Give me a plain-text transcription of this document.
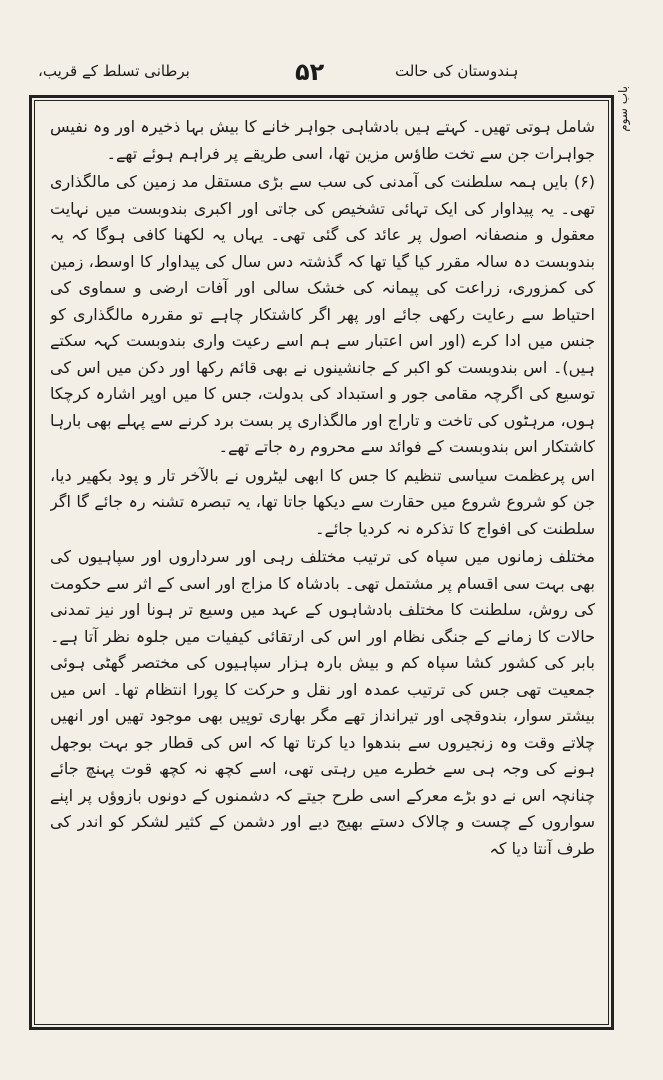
ہندوستان کی حالت
۵۲
برطانی تسلط کے قریب،
باب سوم

شامل ہوتی تھیں۔ کہتے ہیں بادشاہی جواہر خانے کا بیش بہا ذخیرہ اور وہ نفیس جواہرات جن سے تخت طاؤس مزین تھا، اسی طریقے پر فراہم ہوئے تھے۔

(۶) بایں ہمہ سلطنت کی آمدنی کی سب سے بڑی مستقل مد زمین کی مالگذاری تھی۔ یہ پیداوار کی ایک تہائی تشخیص کی جاتی اور اکبری بندوبست میں نہایت معقول و منصفانہ اصول پر عائد کی گئی تھی۔ یہاں یہ لکھنا کافی ہوگا کہ یہ بندوبست دہ سالہ مقرر کیا گیا تھا کہ گذشتہ دس سال کی پیداوار کا اوسط، زمین کی کمزوری، زراعت کی پیمانہ کی خشک سالی اور آفات ارضی و سماوی کی احتیاط سے رعایت رکھی جائے اور پھر اگر کاشتکار چاہے تو مقررہ مالگذاری کو جنس میں ادا کرے (اور اس اعتبار سے ہم اسے رعیت واری بندوبست کہہ سکتے ہیں)۔ اس بندوبست کو اکبر کے جانشینوں نے بھی قائم رکھا اور دکن میں اس کی توسیع کی اگرچہ مقامی جور و استبداد کی بدولت، جس کا میں اوپر اشارہ کرچکا ہوں، مرہٹوں کی تاخت و تاراج اور مالگذاری پر بست برد کرنے سے پہلے بھی بارہا کاشتکار اس بندوبست کے فوائد سے محروم رہ جاتے تھے۔

اس پرعظمت سیاسی تنظیم کا جس کا ابھی لیٹروں نے بالآخر تار و پود بکھیر دیا، جن کو شروع شروع میں حقارت سے دیکھا جاتا تھا، یہ تبصرہ تشنہ رہ جائے گا اگر سلطنت کی افواج کا تذکرہ نہ کردیا جائے۔

مختلف زمانوں میں سپاہ کی ترتیب مختلف رہی اور سرداروں اور سپاہیوں کی بھی بہت سی اقسام پر مشتمل تھی۔ بادشاہ کا مزاج اور اسی کے اثر سے حکومت کی روش، سلطنت کا مختلف بادشاہوں کے عہد میں وسیع تر ہونا اور نیز تمدنی حالات کا زمانے کے جنگی نظام اور اس کی ارتقائی کیفیات میں جلوہ نظر آتا ہے۔ بابر کی کشور کشا سپاہ کم و بیش بارہ ہزار سپاہیوں کی مختصر گھٹی ہوئی جمعیت تھی جس کی ترتیب عمدہ اور نقل و حرکت کا پورا انتظام تھا۔ اس میں بیشتر سوار، بندوقچی اور تیرانداز تھے مگر بھاری توپیں بھی موجود تھیں اور انھیں چلاتے وقت وہ زنجیروں سے بندھوا دیا کرتا تھا کہ اس کی قطار جو بہت بوجھل ہونے کی وجہ ہی سے خطرے میں رہتی تھی، اسے کچھ نہ کچھ قوت پہنچ جائے چنانچہ اس نے دو بڑے معرکے اسی طرح جیتے کہ دشمنوں کے دونوں بازوؤں پر اپنے سواروں کے چست و چالاک دستے بھیج دیے اور دشمن کے کثیر لشکر کو اندر کی طرف آنتا دیا کہ
